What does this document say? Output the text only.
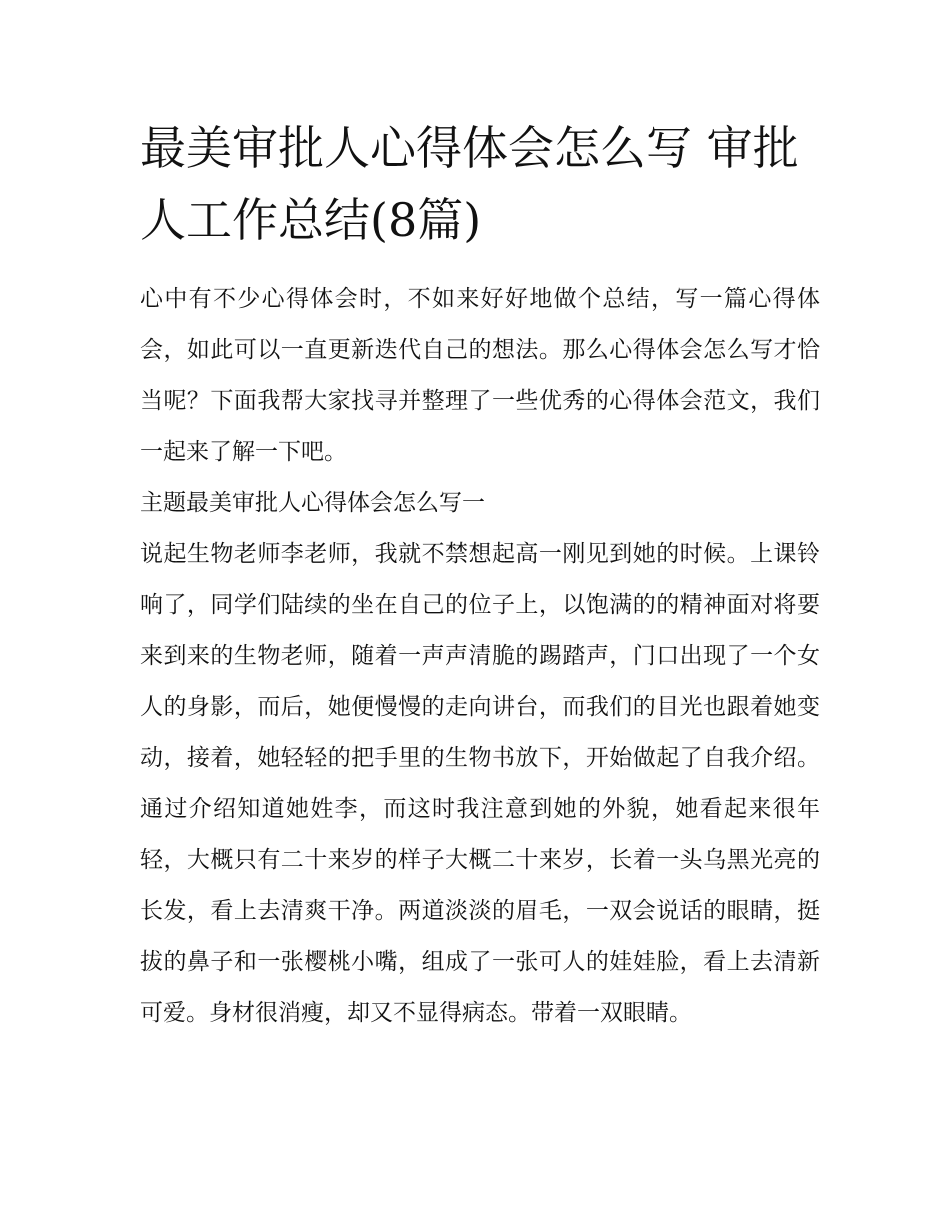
最美审批人心得体会怎么写 审批人工作总结(8篇)

心中有不少心得体会时，不如来好好地做个总结，写一篇心得体会，如此可以一直更新迭代自己的想法。那么心得体会怎么写才恰当呢？下面我帮大家找寻并整理了一些优秀的心得体会范文，我们一起来了解一下吧。

主题最美审批人心得体会怎么写一

说起生物老师李老师，我就不禁想起高一刚见到她的时候。上课铃响了，同学们陆续的坐在自己的位子上，以饱满的的精神面对将要来到来的生物老师，随着一声声清脆的踢踏声，门口出现了一个女人的身影，而后，她便慢慢的走向讲台，而我们的目光也跟着她变动，接着，她轻轻的把手里的生物书放下，开始做起了自我介绍。通过介绍知道她姓李，而这时我注意到她的外貌，她看起来很年轻，大概只有二十来岁的样子大概二十来岁，长着一头乌黑光亮的长发，看上去清爽干净。两道淡淡的眉毛，一双会说话的眼睛，挺拔的鼻子和一张樱桃小嘴，组成了一张可人的娃娃脸，看上去清新可爱。身材很消瘦，却又不显得病态。带着一双眼睛。
